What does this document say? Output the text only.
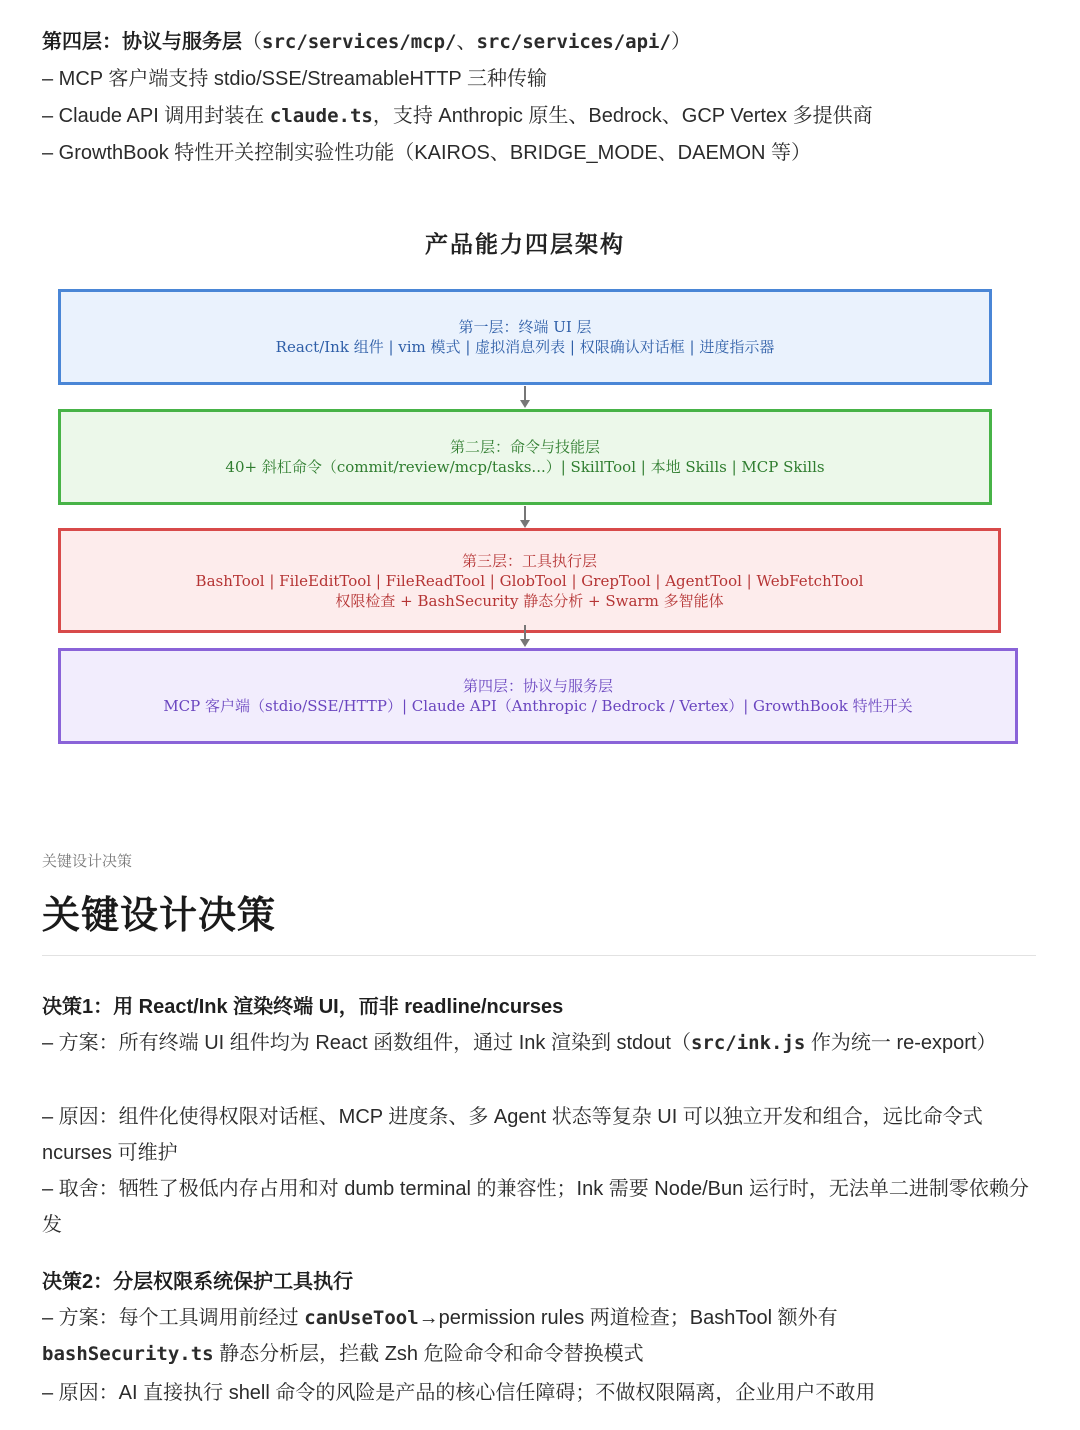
第四层：协议与服务层（src/services/mcp/、src/services/api/）
– MCP 客户端支持 stdio/SSE/StreamableHTTP 三种传输
– Claude API 调用封装在 claude.ts，支持 Anthropic 原生、Bedrock、GCP Vertex 多提供商
– GrowthBook 特性开关控制实验性功能（KAIROS、BRIDGE_MODE、DAEMON 等）
产品能力四层架构
第一层：终端 UI 层
React/Ink 组件 | vim 模式 | 虚拟消息列表 | 权限确认对话框 | 进度指示器
第二层：命令与技能层
40+ 斜杠命令（commit/review/mcp/tasks...）| SkillTool | 本地 Skills | MCP Skills
第三层：工具执行层
BashTool | FileEditTool | FileReadTool | GlobTool | GrepTool | AgentTool | WebFetchTool
权限检查 + BashSecurity 静态分析 + Swarm 多智能体
第四层：协议与服务层
MCP 客户端（stdio/SSE/HTTP）| Claude API（Anthropic / Bedrock / Vertex）| GrowthBook 特性开关
关键设计决策
关键设计决策
决策1：用 React/Ink 渲染终端 UI，而非 readline/ncurses
– 方案：所有终端 UI 组件均为 React 函数组件，通过 Ink 渲染到 stdout（src/ink.js 作为统一 re-export）
– 原因：组件化使得权限对话框、MCP 进度条、多 Agent 状态等复杂 UI 可以独立开发和组合，远比命令式 ncurses 可维护
– 取舍：牺牲了极低内存占用和对 dumb terminal 的兼容性；Ink 需要 Node/Bun 运行时，无法单二进制零依赖分发
决策2：分层权限系统保护工具执行
– 方案：每个工具调用前经过 canUseTool→permission rules 两道检查；BashTool 额外有
bashSecurity.ts 静态分析层，拦截 Zsh 危险命令和命令替换模式
– 原因：AI 直接执行 shell 命令的风险是产品的核心信任障碍；不做权限隔离，企业用户不敢用
